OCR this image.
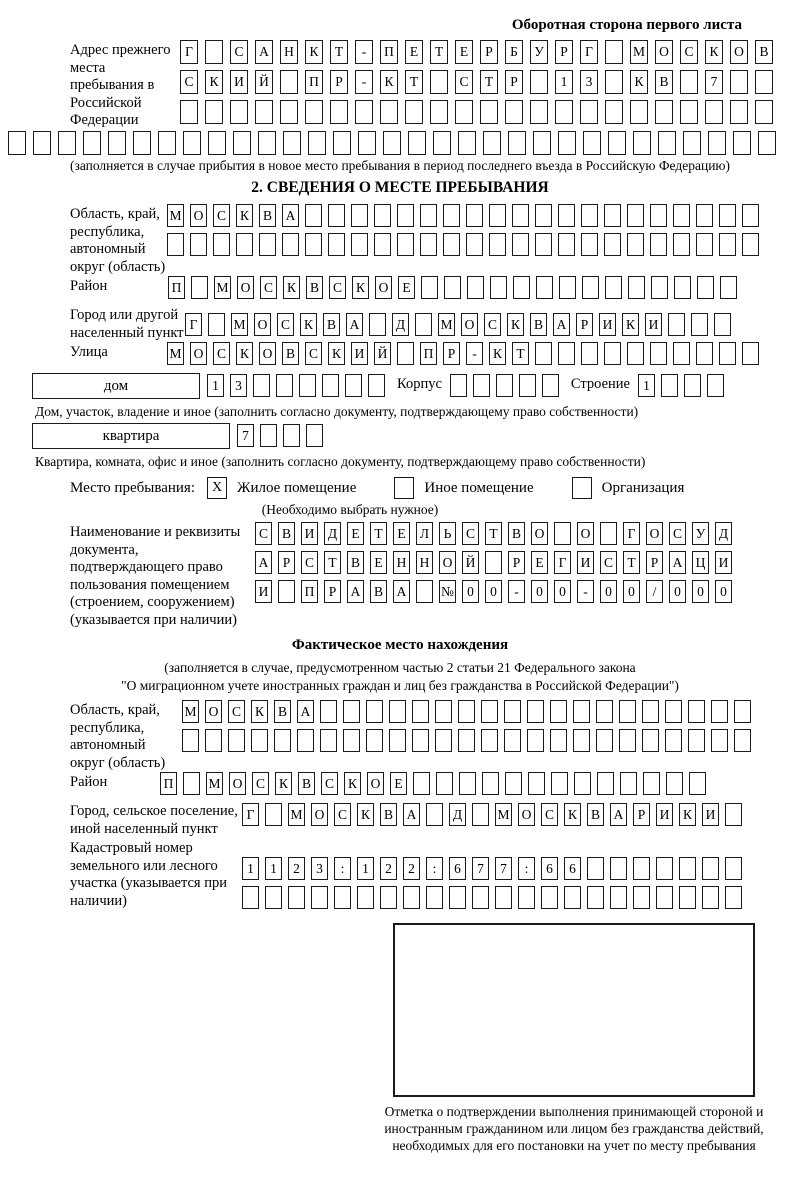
Оборотная сторона первого листа
Адрес прежнего места пребывания в Российской Федерации
Г	С	А	Н	К	Т	-	П	Е	Т	Е	Р	Б	У	Р	Г	М	О	С	К	О	В
С	К	И	Й	П	Р	-	К	Т	С	Т	Р	1	3	К	В	7
(заполняется в случае прибытия в новое место пребывания в период последнего въезда в Российскую Федерацию)
2. СВЕДЕНИЯ О МЕСТЕ ПРЕБЫВАНИЯ
Область, край, республика, автономный округ (область)
М О С К В А
Район	П	М О С К В С К О	Е
Город или другой населенный пункт
Г	М О С К В А	Д	М О С К В А	Р	И К И
Улица	М О С К О В С К И Й	П	Р	-	К	Т
дом	1	3	Корпус	Строение 1
Дом, участок, владение и иное (заполнить согласно документу, подтверждающему право собственности)
квартира	7
Квартира, комната, офис и иное (заполнить согласно документу, подтверждающему право собственности)
Место пребывания:	X Жилое помещение	Иное помещение	Организация
(Необходимо выбрать нужное)
Наименование и реквизиты документа, подтверждающего право пользования помещением (строением, сооружением) (указывается при наличии)
С В И Д	Е	Т	Е	Л	Ь	С	Т	В О	О	Г	О С У Д
А	Р	С	Т	В	Е	Н Н О Й	Р	Е	Г	И С	Т	Р	А Ц И
И	П	Р	А В А	№ 0	0	-	0	0	-	0	0	/	0	0	0
Фактическое место нахождения
(заполняется в случае, предусмотренном частью 2 статьи 21 Федерального закона
"О миграционном учете иностранных граждан и лиц без гражданства в Российской Федерации")
Область, край, республика, автономный округ (область)
М О С К В А
Район	П	М О С К В С К О	Е
Город, сельское поселение, иной населенный пункт
Г	М О С К В А	Д	М О С К В А	Р	И К И
Кадастровый номер земельного или лесного участка (указывается при наличии)
1	1	2	3	:	1	2	2	:	6	7	7	:	6	6
Отметка о подтверждении выполнения принимающей стороной и иностранным гражданином или лицом без гражданства действий, необходимых для его постановки на учет по месту пребывания
